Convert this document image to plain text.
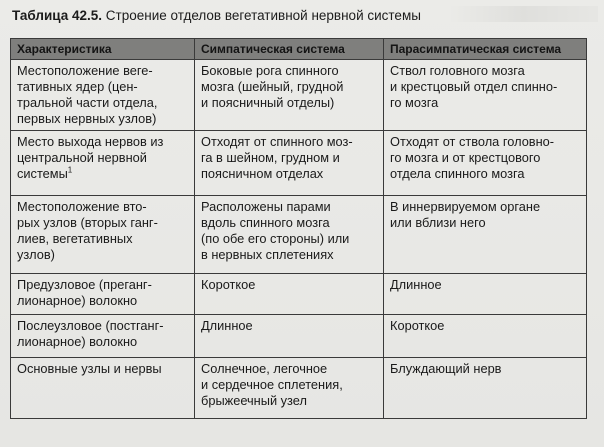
Таблица 42.5. Строение отделов вегетативной нервной системы
Характеристика	Симпатическая система	Парасимпатическая система

Местоположение веге-
тативных ядер (цен-
тральной части отдела,
первых нервных узлов)	Боковые рога спинного
мозга (шейный, грудной
и поясничный отделы)	Ствол головного мозга
и крестцовый отдел спинно-
го мозга

Место выхода нервов из
центральной нервной
системы$^1$	Отходят от спинного моз-
га в шейном, грудном и
поясничном отделах	Отходят от ствола головно-
го мозга и от крестцового
отдела спинного мозга

Местоположение вто-
рых узлов (вторых ганг-
лиев, вегетативных
узлов)	Расположены парами
вдоль спинного мозга
(по обе его стороны) или
в нервных сплетениях	В иннервируемом органе
или вблизи него

Предузловое (преганг-
лионарное) волокно	Короткое	Длинное

Послеузловое (постганг-
лионарное) волокно	Длинное	Короткое

Основные узлы и нервы	Солнечное, легочное
и сердечное сплетения,
брыжеечный узел	Блуждающий нерв
